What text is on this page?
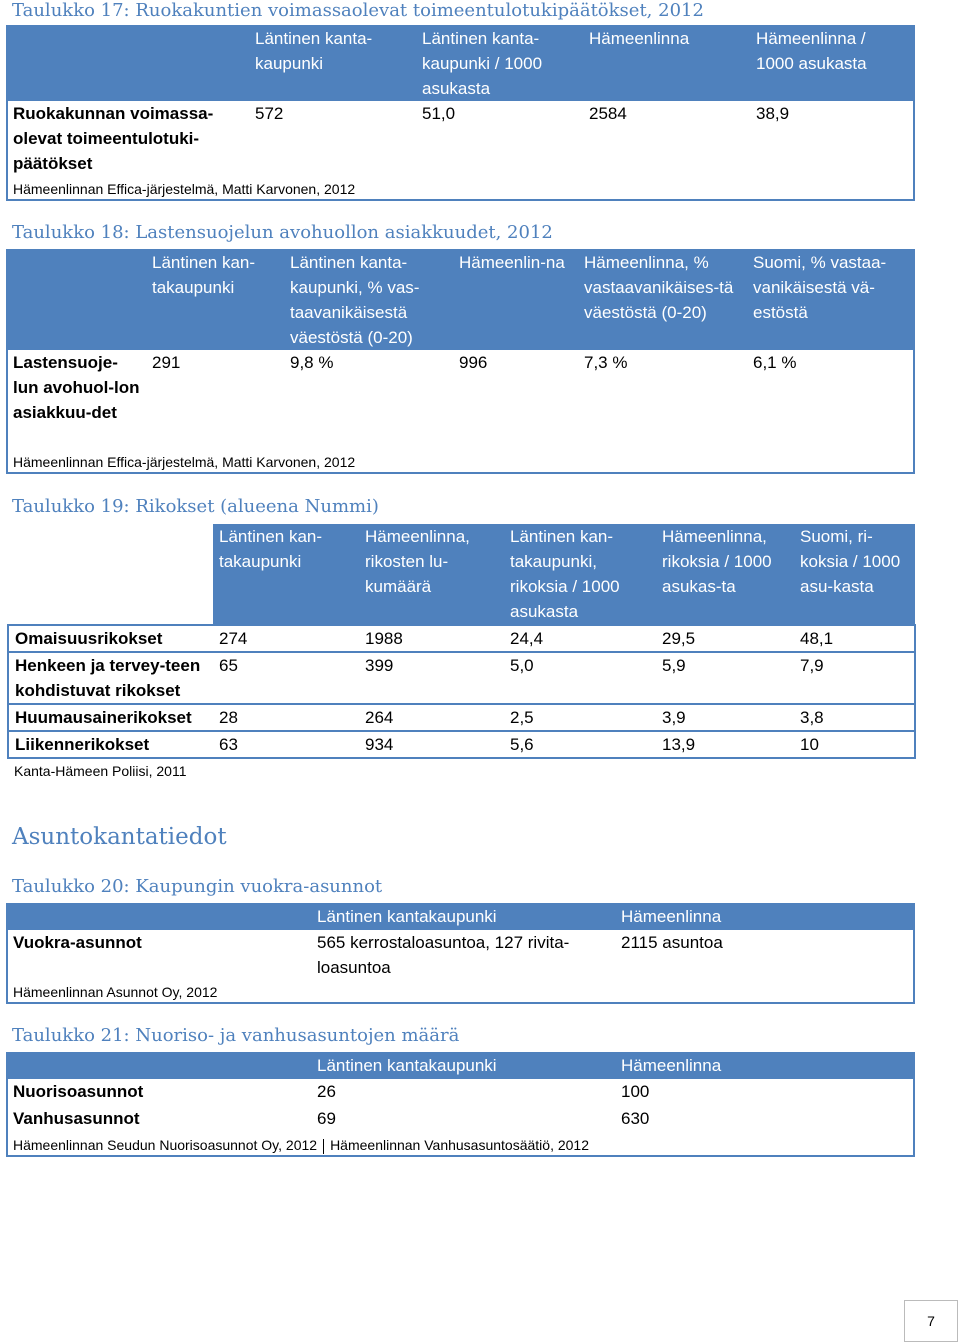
Taulukko 17: Ruokakuntien voimassaolevat toimeentulotukipäätökset, 2012
	Läntinen kanta-kaupunki	Läntinen kanta-kaupunki / 1000 asukasta	Hämeenlinna	Hämeenlinna / 1000 asukasta
Ruokakunnan voimassa-olevat toimeentulotuki-päätökset	572	51,0	2584	38,9
Hämeenlinnan Effica-järjestelmä, Matti Karvonen, 2012				
Taulukko 18: Lastensuojelun avohuollon asiakkuudet, 2012
	Läntinen kan-takaupunki	Läntinen kanta-kaupunki, % vas-taavanikäisestä väestöstä (0-20)	Hämeenlin-na	Hämeenlinna, % vastaavanikäises-tä väestöstä (0-20)	Suomi, % vastaa-vanikäisestä vä-estöstä
Lastensuoje-lun avohuol-lon asiakkuu-det	291	9,8 %	996	7,3 %	6,1 %
Hämeenlinnan Effica-järjestelmä, Matti Karvonen, 2012					
Taulukko 19: Rikokset (alueena Nummi)
	Läntinen kan-takaupunki	Hämeenlinna, rikosten lu-kumäärä	Läntinen kan-takaupunki, rikoksia / 1000 asukasta	Hämeenlinna, rikoksia / 1000 asukas-ta	Suomi, ri-koksia / 1000 asu-kasta
Omaisuusrikokset	274	1988	24,4	29,5	48,1
Henkeen ja tervey-teen kohdistuvat rikokset	65	399	5,0	5,9	7,9
Huumausainerikokset	28	264	2,5	3,9	3,8
Liikennerikokset	63	934	5,6	13,9	10
Kanta-Hämeen Poliisi, 2011					
Asuntokantatiedot
Taulukko 20: Kaupungin vuokra-asunnot
	Läntinen kantakaupunki	Hämeenlinna
Vuokra-asunnot	565 kerrostaloasuntoa, 127 rivita-loasuntoa	2115 asuntoa
Hämeenlinnan Asunnot Oy, 2012		
Taulukko 21: Nuoriso- ja vanhusasuntojen määrä
	Läntinen kantakaupunki	Hämeenlinna
Nuorisoasunnot	26	100
Vanhusasunnot	69	630
Hämeenlinnan Seudun Nuorisoasunnot Oy, 2012 Hämeenlinnan Vanhusasuntosäätiö, 2012		
7
